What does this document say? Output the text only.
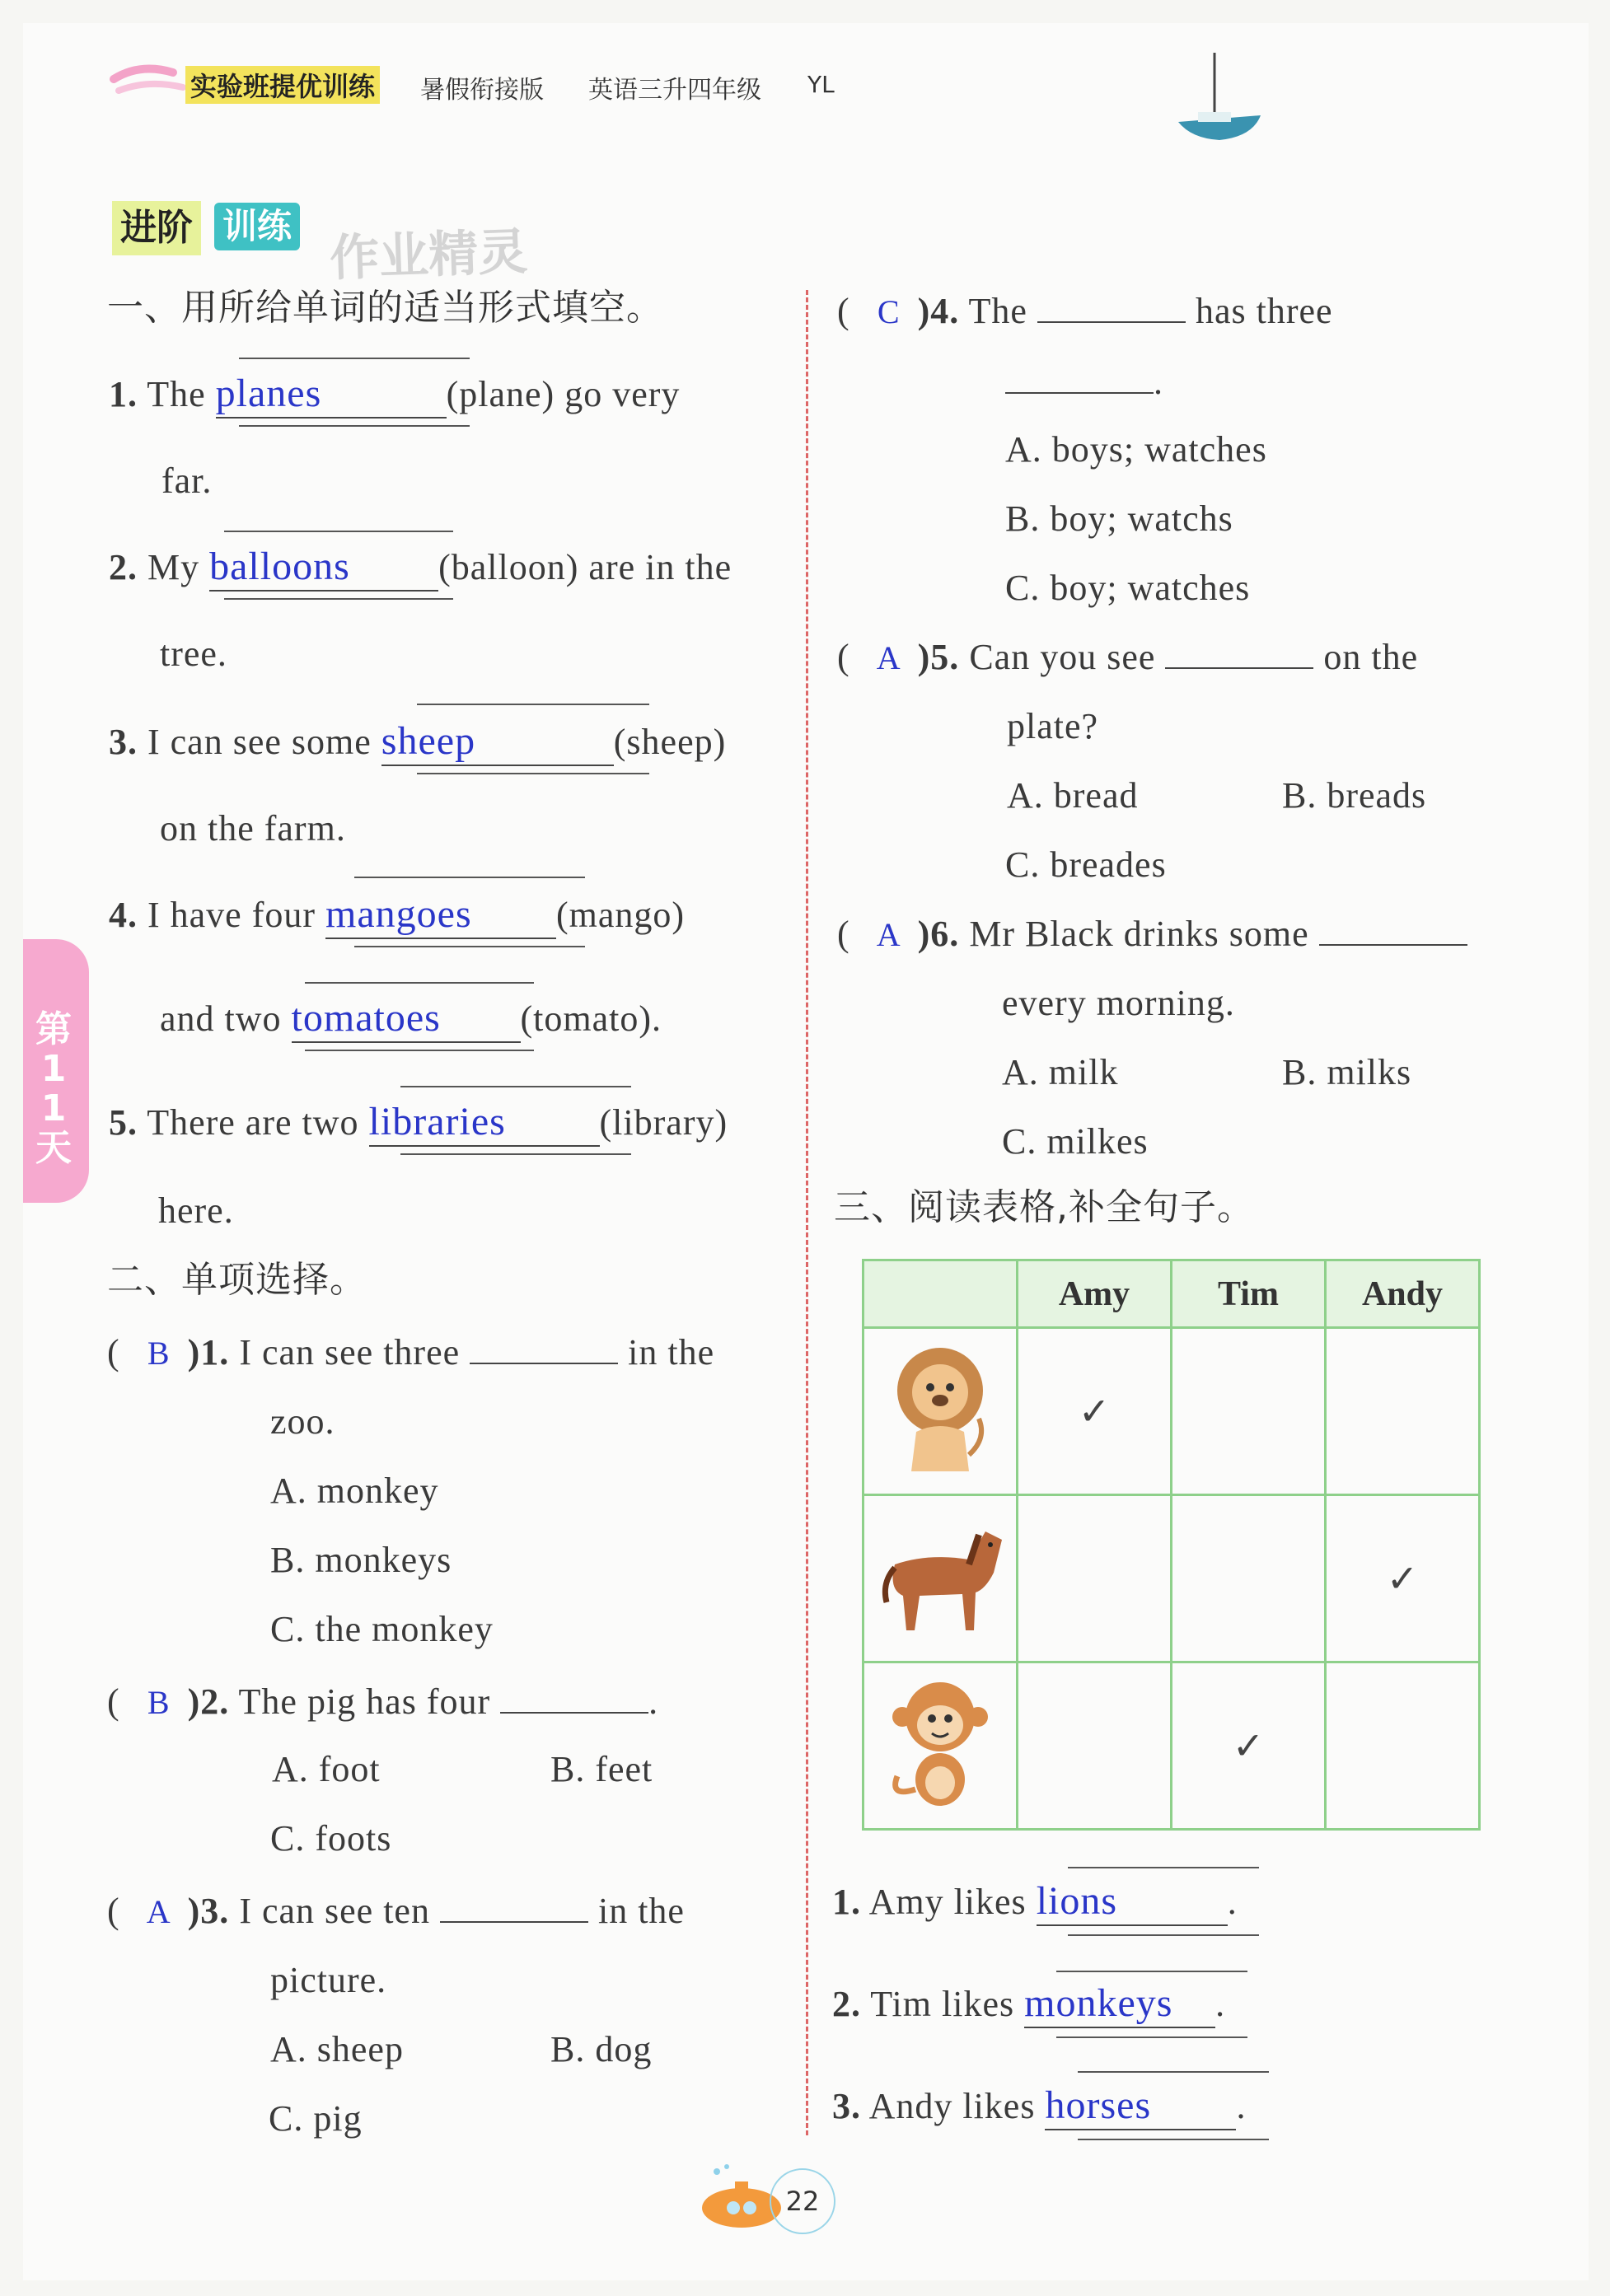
实验班提优训练 暑假衔接版 英语三升四年级 YL
进阶 训练 作业精灵
第11天
一、用所给单词的适当形式填空。
1. The planes	(plane) go very
far.
2. My balloons (balloon) are in the
tree.
3. I can see some sheep	(sheep)
on the farm.
4. I have four mangoes (mango)
and two tomatoes (tomato).
5. There are two libraries	(library)
here.
二、单项选择。
( B )1. I can see three	in the
zoo.
A. monkey
B. monkeys
C. the monkey
( B )2. The pig has four	.
A. foot	B. feet
C. foots
( A )3. I can see ten	in the
picture.
A. sheep	B. dog
C. pig
( C )4. The	has three
.
A. boys; watches
B. boy; watchs
C. boy; watches
( A )5. Can you see	on the
plate?
A. bread	B. breads
C. breades
( A )6. Mr Black drinks some
every morning.
A. milk	B. milks
C. milkes
三、阅读表格,补全句子。
	Amy	Tim	Andy
	✓		
			✓
		✓	
1. Amy likes lions	.
2. Tim likes monkeys .
3. Andy likes horses .
22
